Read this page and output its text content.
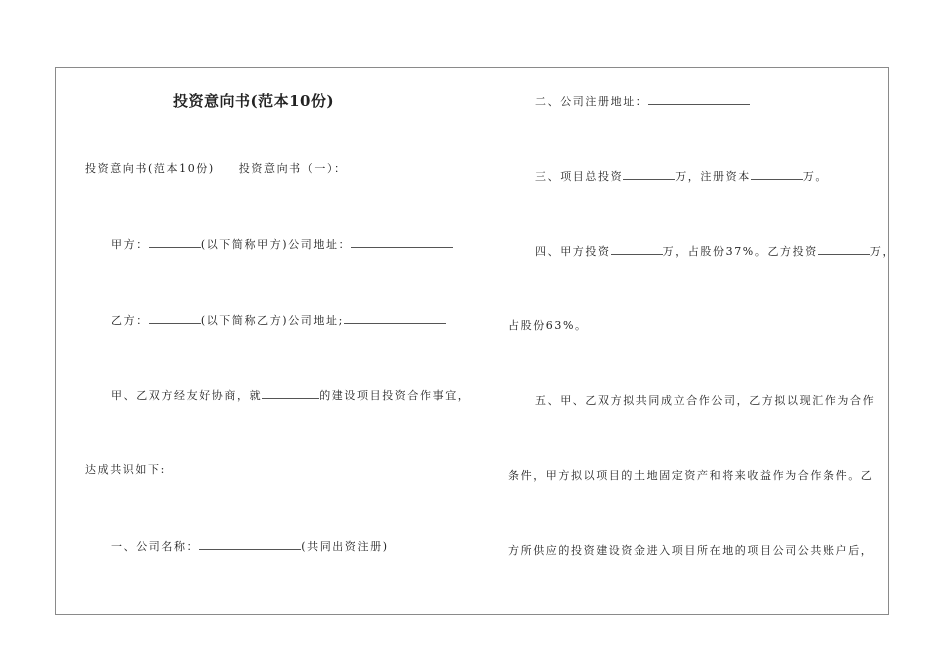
投资意向书(范本10份)
投资意向书(范本10份) 投资意向书（一）：
甲方：	(以下简称甲方)公司地址：
乙方：	(以下简称乙方)公司地址;
甲、乙双方经友好协商，就	的建设项目投资合作事宜，
达成共识如下:
一、公司名称：	(共同出资注册)
二、公司注册地址：
三、项目总投资	万，注册资本	万。
四、甲方投资	万，占股份37%。乙方投资	万，
占股份63%。
五、甲、乙双方拟共同成立合作公司，乙方拟以现汇作为合作
条件，甲方拟以项目的土地固定资产和将来收益作为合作条件。乙
方所供应的投资建设资金进入项目所在地的项目公司公共账户后，
